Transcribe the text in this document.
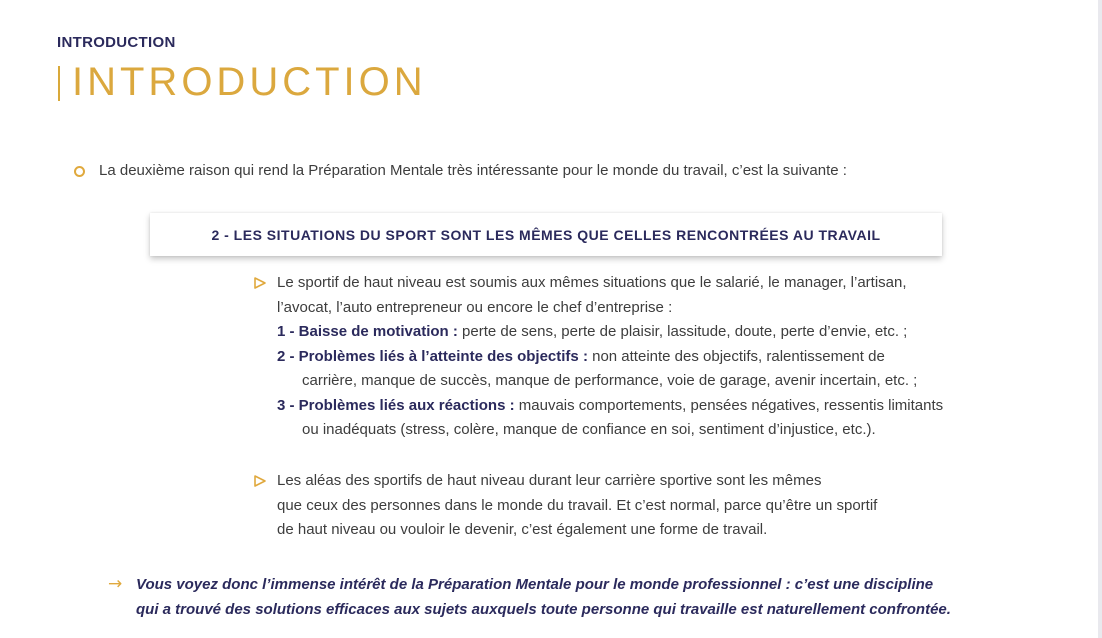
INTRODUCTION
INTRODUCTION
La deuxième raison qui rend la Préparation Mentale très intéressante pour le monde du travail, c’est la suivante :
2 - LES SITUATIONS DU SPORT SONT LES MÊMES QUE CELLES RENCONTRÉES AU TRAVAIL
Le sportif de haut niveau est soumis aux mêmes situations que le salarié, le manager, l’artisan,
l’avocat, l’auto entrepreneur ou encore le chef d’entreprise :
1 - Baisse de motivation : perte de sens, perte de plaisir, lassitude, doute, perte d’envie, etc. ;
2 - Problèmes liés à l’atteinte des objectifs : non atteinte des objectifs, ralentissement de
carrière, manque de succès, manque de performance, voie de garage, avenir incertain, etc. ;
3 - Problèmes liés aux réactions : mauvais comportements, pensées négatives, ressentis limitants
ou inadéquats (stress, colère, manque de confiance en soi, sentiment d’injustice, etc.).
Les aléas des sportifs de haut niveau durant leur carrière sportive sont les mêmes
que ceux des personnes dans le monde du travail. Et c’est normal, parce qu’être un sportif
de haut niveau ou vouloir le devenir, c’est également une forme de travail.
→ Vous voyez donc l’immense intérêt de la Préparation Mentale pour le monde professionnel : c’est une discipline
qui a trouvé des solutions efficaces aux sujets auxquels toute personne qui travaille est naturellement confrontée.
